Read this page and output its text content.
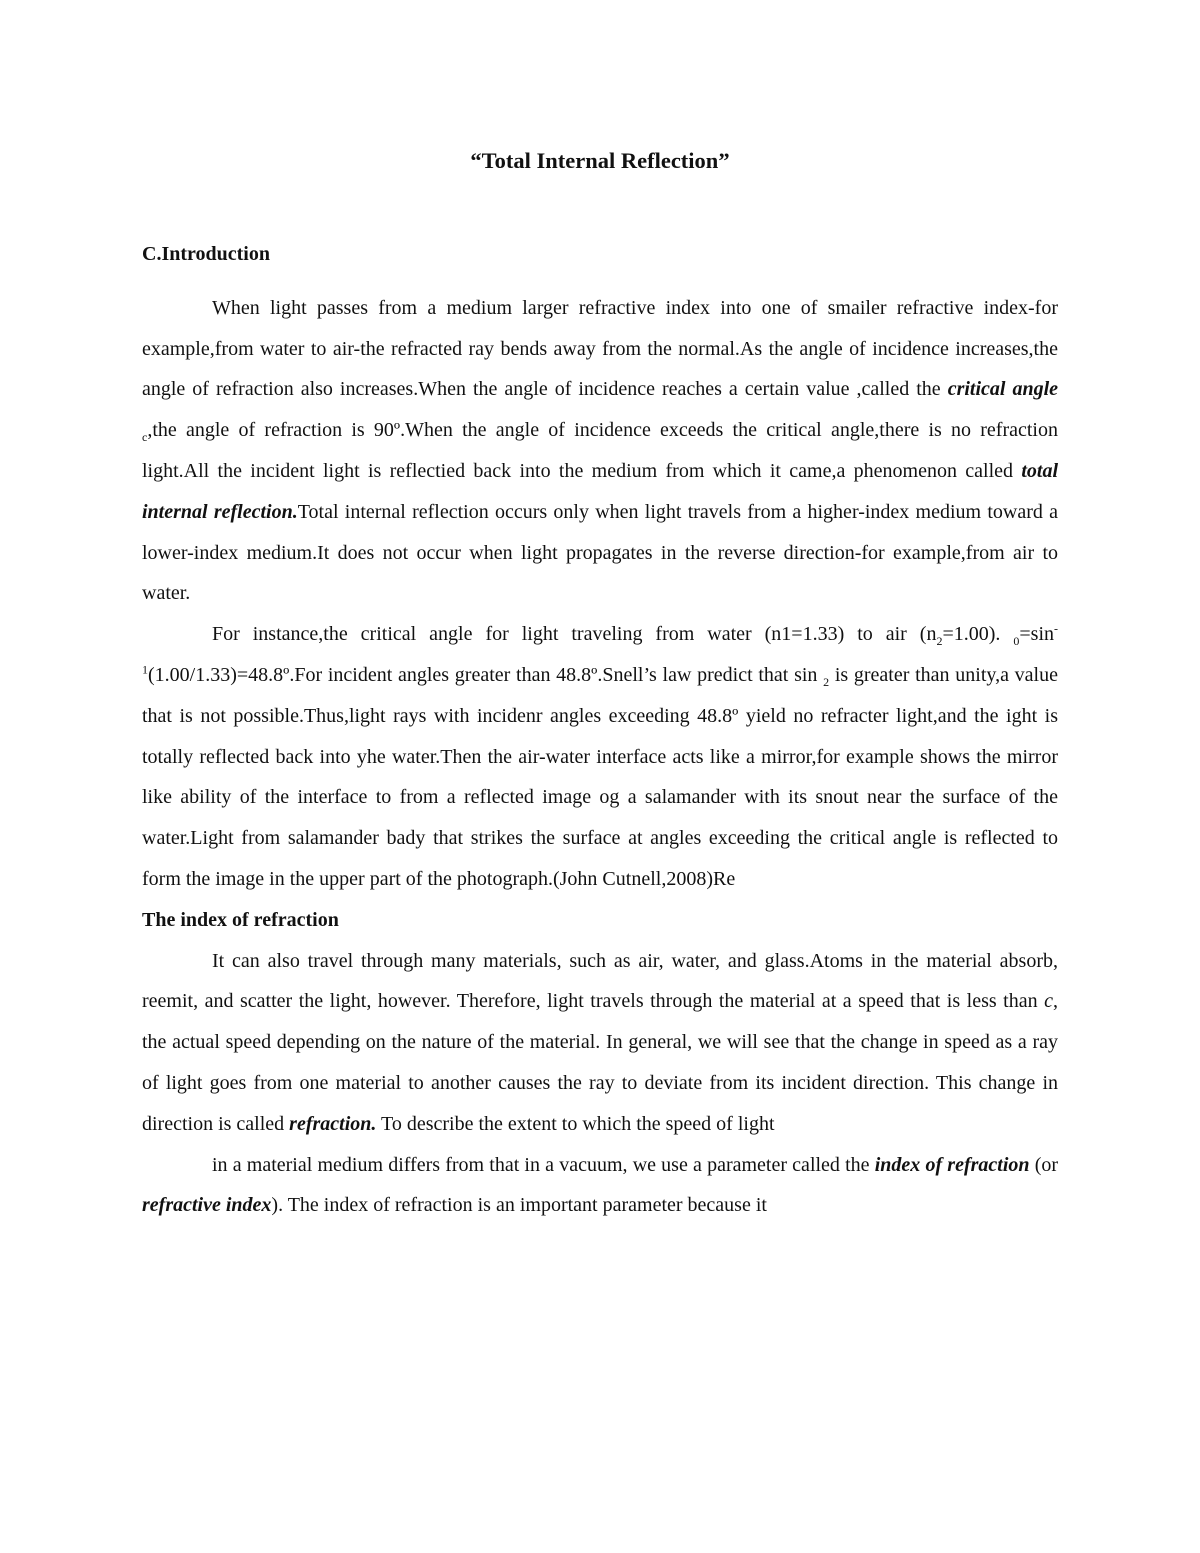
“Total Internal Reflection”
C.Introduction

When light passes from a medium larger refractive index into one of smailer refractive index-for example,from water to air-the refracted ray bends away from the normal.As the angle of incidence increases,the angle of refraction also increases.When the angle of incidence reaches a certain value ,called the critical angle $_c$,the angle of refraction is 90º.When the angle of incidence exceeds the critical angle,there is no refraction light.All the incident light is reflectied back into the medium from which it came,a phenomenon called total internal reflection.Total internal reflection occurs only when light travels from a higher-index medium toward a lower-index medium.It does not occur when light propagates in the reverse direction-for example,from air to water.

For instance,the critical angle for light traveling from water (n1=1.33) to air $(n_2=1.00)$. $_0=\sin^{-1}(1.00/1.33)=48.8º.For$ incident angles greater than 48.8º.Snell’s law predict that sin $_2$ is greater than unity,a value that is not possible.Thus,light rays with incidenr angles exceeding 48.8º yield no refracter light,and the ight is totally reflected back into yhe water.Then the air-water interface acts like a mirror,for example shows the mirror like ability of the interface to from a reflected image og a salamander with its snout near the surface of the water.Light from salamander bady that strikes the surface at angles exceeding the critical angle is reflected to form the image in the upper part of the photograph.(John Cutnell,2008)Re

The index of refraction

It can also travel through many materials, such as air, water, and glass.Atoms in the material absorb, reemit, and scatter the light, however. Therefore, light travels through the material at a speed that is less than c, the actual speed depending on the nature of the material. In general, we will see that the change in speed as a ray of light goes from one material to another causes the ray to deviate from its incident direction. This change in direction is called refraction. To describe the extent to which the speed of light

in a material medium differs from that in a vacuum, we use a parameter called the index of refraction (or refractive index). The index of refraction is an important parameter because it
